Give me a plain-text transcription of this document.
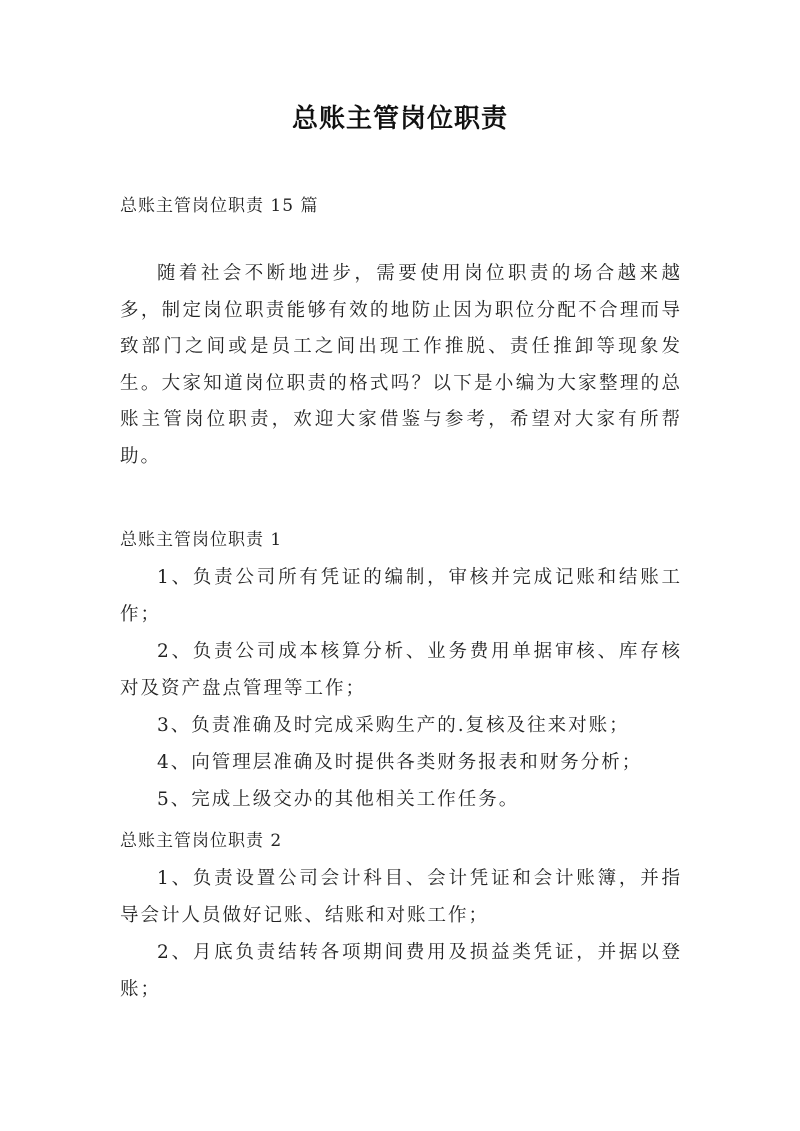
总账主管岗位职责
总账主管岗位职责 15 篇

随着社会不断地进步，需要使用岗位职责的场合越来越多，制定岗位职责能够有效的地防止因为职位分配不合理而导致部门之间或是员工之间出现工作推脱、责任推卸等现象发生。大家知道岗位职责的格式吗？以下是小编为大家整理的总账主管岗位职责，欢迎大家借鉴与参考，希望对大家有所帮助。

总账主管岗位职责 1

1、负责公司所有凭证的编制，审核并完成记账和结账工作；

2、负责公司成本核算分析、业务费用单据审核、库存核对及资产盘点管理等工作；

3、负责准确及时完成采购生产的.复核及往来对账；

4、向管理层准确及时提供各类财务报表和财务分析；

5、完成上级交办的其他相关工作任务。

总账主管岗位职责 2

1、负责设置公司会计科目、会计凭证和会计账簿，并指导会计人员做好记账、结账和对账工作；

2、月底负责结转各项期间费用及损益类凭证，并据以登账；
